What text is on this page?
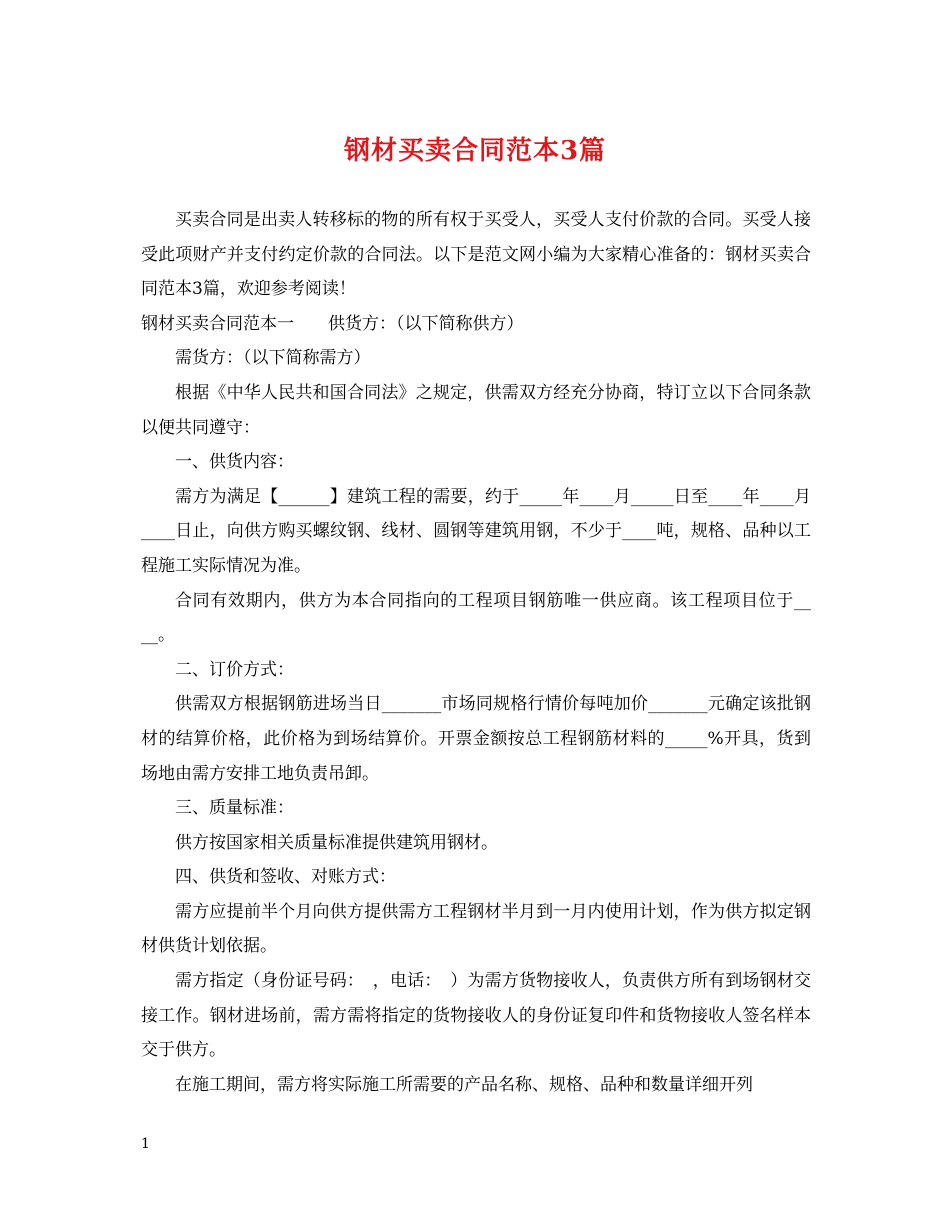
钢材买卖合同范本3篇

买卖合同是出卖人转移标的物的所有权于买受人，买受人支付价款的合同。买受人接受此项财产并支付约定价款的合同法。以下是范文网小编为大家精心准备的：钢材买卖合同范本3篇，欢迎参考阅读！

钢材买卖合同范本一　　供货方：（以下简称供方）

需货方：（以下简称需方）

根据《中华人民共和国合同法》之规定，供需双方经充分协商，特订立以下合同条款以便共同遵守：

一、供货内容：

需方为满足【______】建筑工程的需要，约于_____年____月_____日至____年____月____日止，向供方购买螺纹钢、线材、圆钢等建筑用钢，不少于____吨，规格、品种以工程施工实际情况为准。

合同有效期内，供方为本合同指向的工程项目钢筋唯一供应商。该工程项目位于__ __。

二、订价方式：

供需双方根据钢筋进场当日_______市场同规格行情价每吨加价_______元确定该批钢材的结算价格，此价格为到场结算价。开票金额按总工程钢筋材料的_____%开具，货到场地由需方安排工地负责吊卸。

三、质量标准：

供方按国家相关质量标准提供建筑用钢材。

四、供货和签收、对账方式：

需方应提前半个月向供方提供需方工程钢材半月到一月内使用计划，作为供方拟定钢材供货计划依据。

需方指定（身份证号码：　，电话：　）为需方货物接收人，负责供方所有到场钢材交接工作。钢材进场前，需方需将指定的货物接收人的身份证复印件和货物接收人签名样本交于供方。

在施工期间，需方将实际施工所需要的产品名称、规格、品种和数量详细开列

1
